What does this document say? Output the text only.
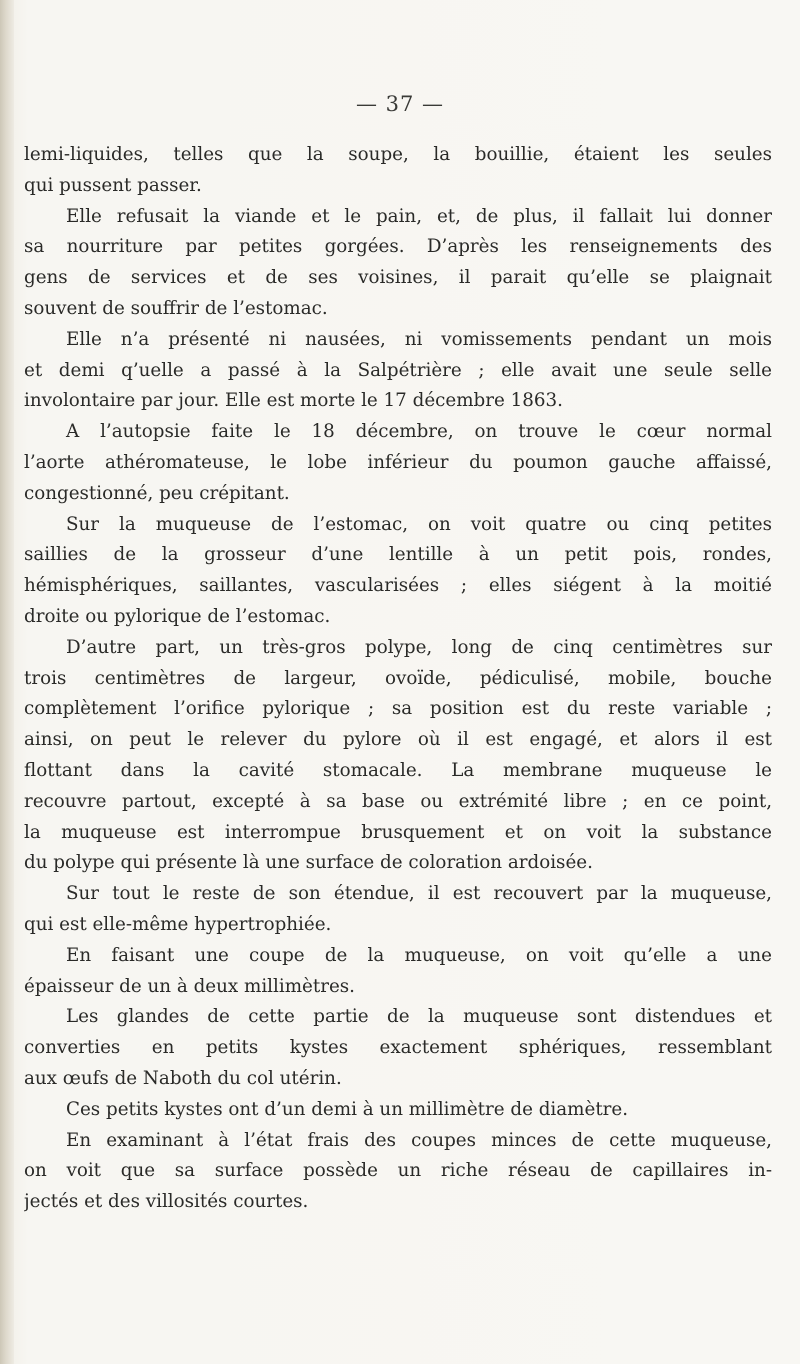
— 37 —
lemi-liquides, telles que la soupe, la bouillie, étaient les seules
qui pussent passer.
Elle refusait la viande et le pain, et, de plus, il fallait lui donner
sa nourriture par petites gorgées. D’après les renseignements des
gens de services et de ses voisines, il parait qu’elle se plaignait
souvent de souffrir de l’estomac.
Elle n’a présenté ni nausées, ni vomissements pendant un mois
et demi q’uelle a passé à la Salpétrière ; elle avait une seule selle
involontaire par jour. Elle est morte le 17 décembre 1863.
A l’autopsie faite le 18 décembre, on trouve le cœur normal
l’aorte athéromateuse, le lobe inférieur du poumon gauche affaissé,
congestionné, peu crépitant.
Sur la muqueuse de l’estomac, on voit quatre ou cinq petites
saillies de la grosseur d’une lentille à un petit pois, rondes,
hémisphériques, saillantes, vascularisées ; elles siégent à la moitié
droite ou pylorique de l’estomac.
D’autre part, un très-gros polype, long de cinq centimètres sur
trois centimètres de largeur, ovoïde, pédiculisé, mobile, bouche
complètement l’orifice pylorique ; sa position est du reste variable ;
ainsi, on peut le relever du pylore où il est engagé, et alors il est
flottant dans la cavité stomacale. La membrane muqueuse le
recouvre partout, excepté à sa base ou extrémité libre ; en ce point,
la muqueuse est interrompue brusquement et on voit la substance
du polype qui présente là une surface de coloration ardoisée.
Sur tout le reste de son étendue, il est recouvert par la muqueuse,
qui est elle-même hypertrophiée.
En faisant une coupe de la muqueuse, on voit qu’elle a une
épaisseur de un à deux millimètres.
Les glandes de cette partie de la muqueuse sont distendues et
converties en petits kystes exactement sphériques, ressemblant
aux œufs de Naboth du col utérin.
Ces petits kystes ont d’un demi à un millimètre de diamètre.
En examinant à l’état frais des coupes minces de cette muqueuse,
on voit que sa surface possède un riche réseau de capillaires in-
jectés et des villosités courtes.
